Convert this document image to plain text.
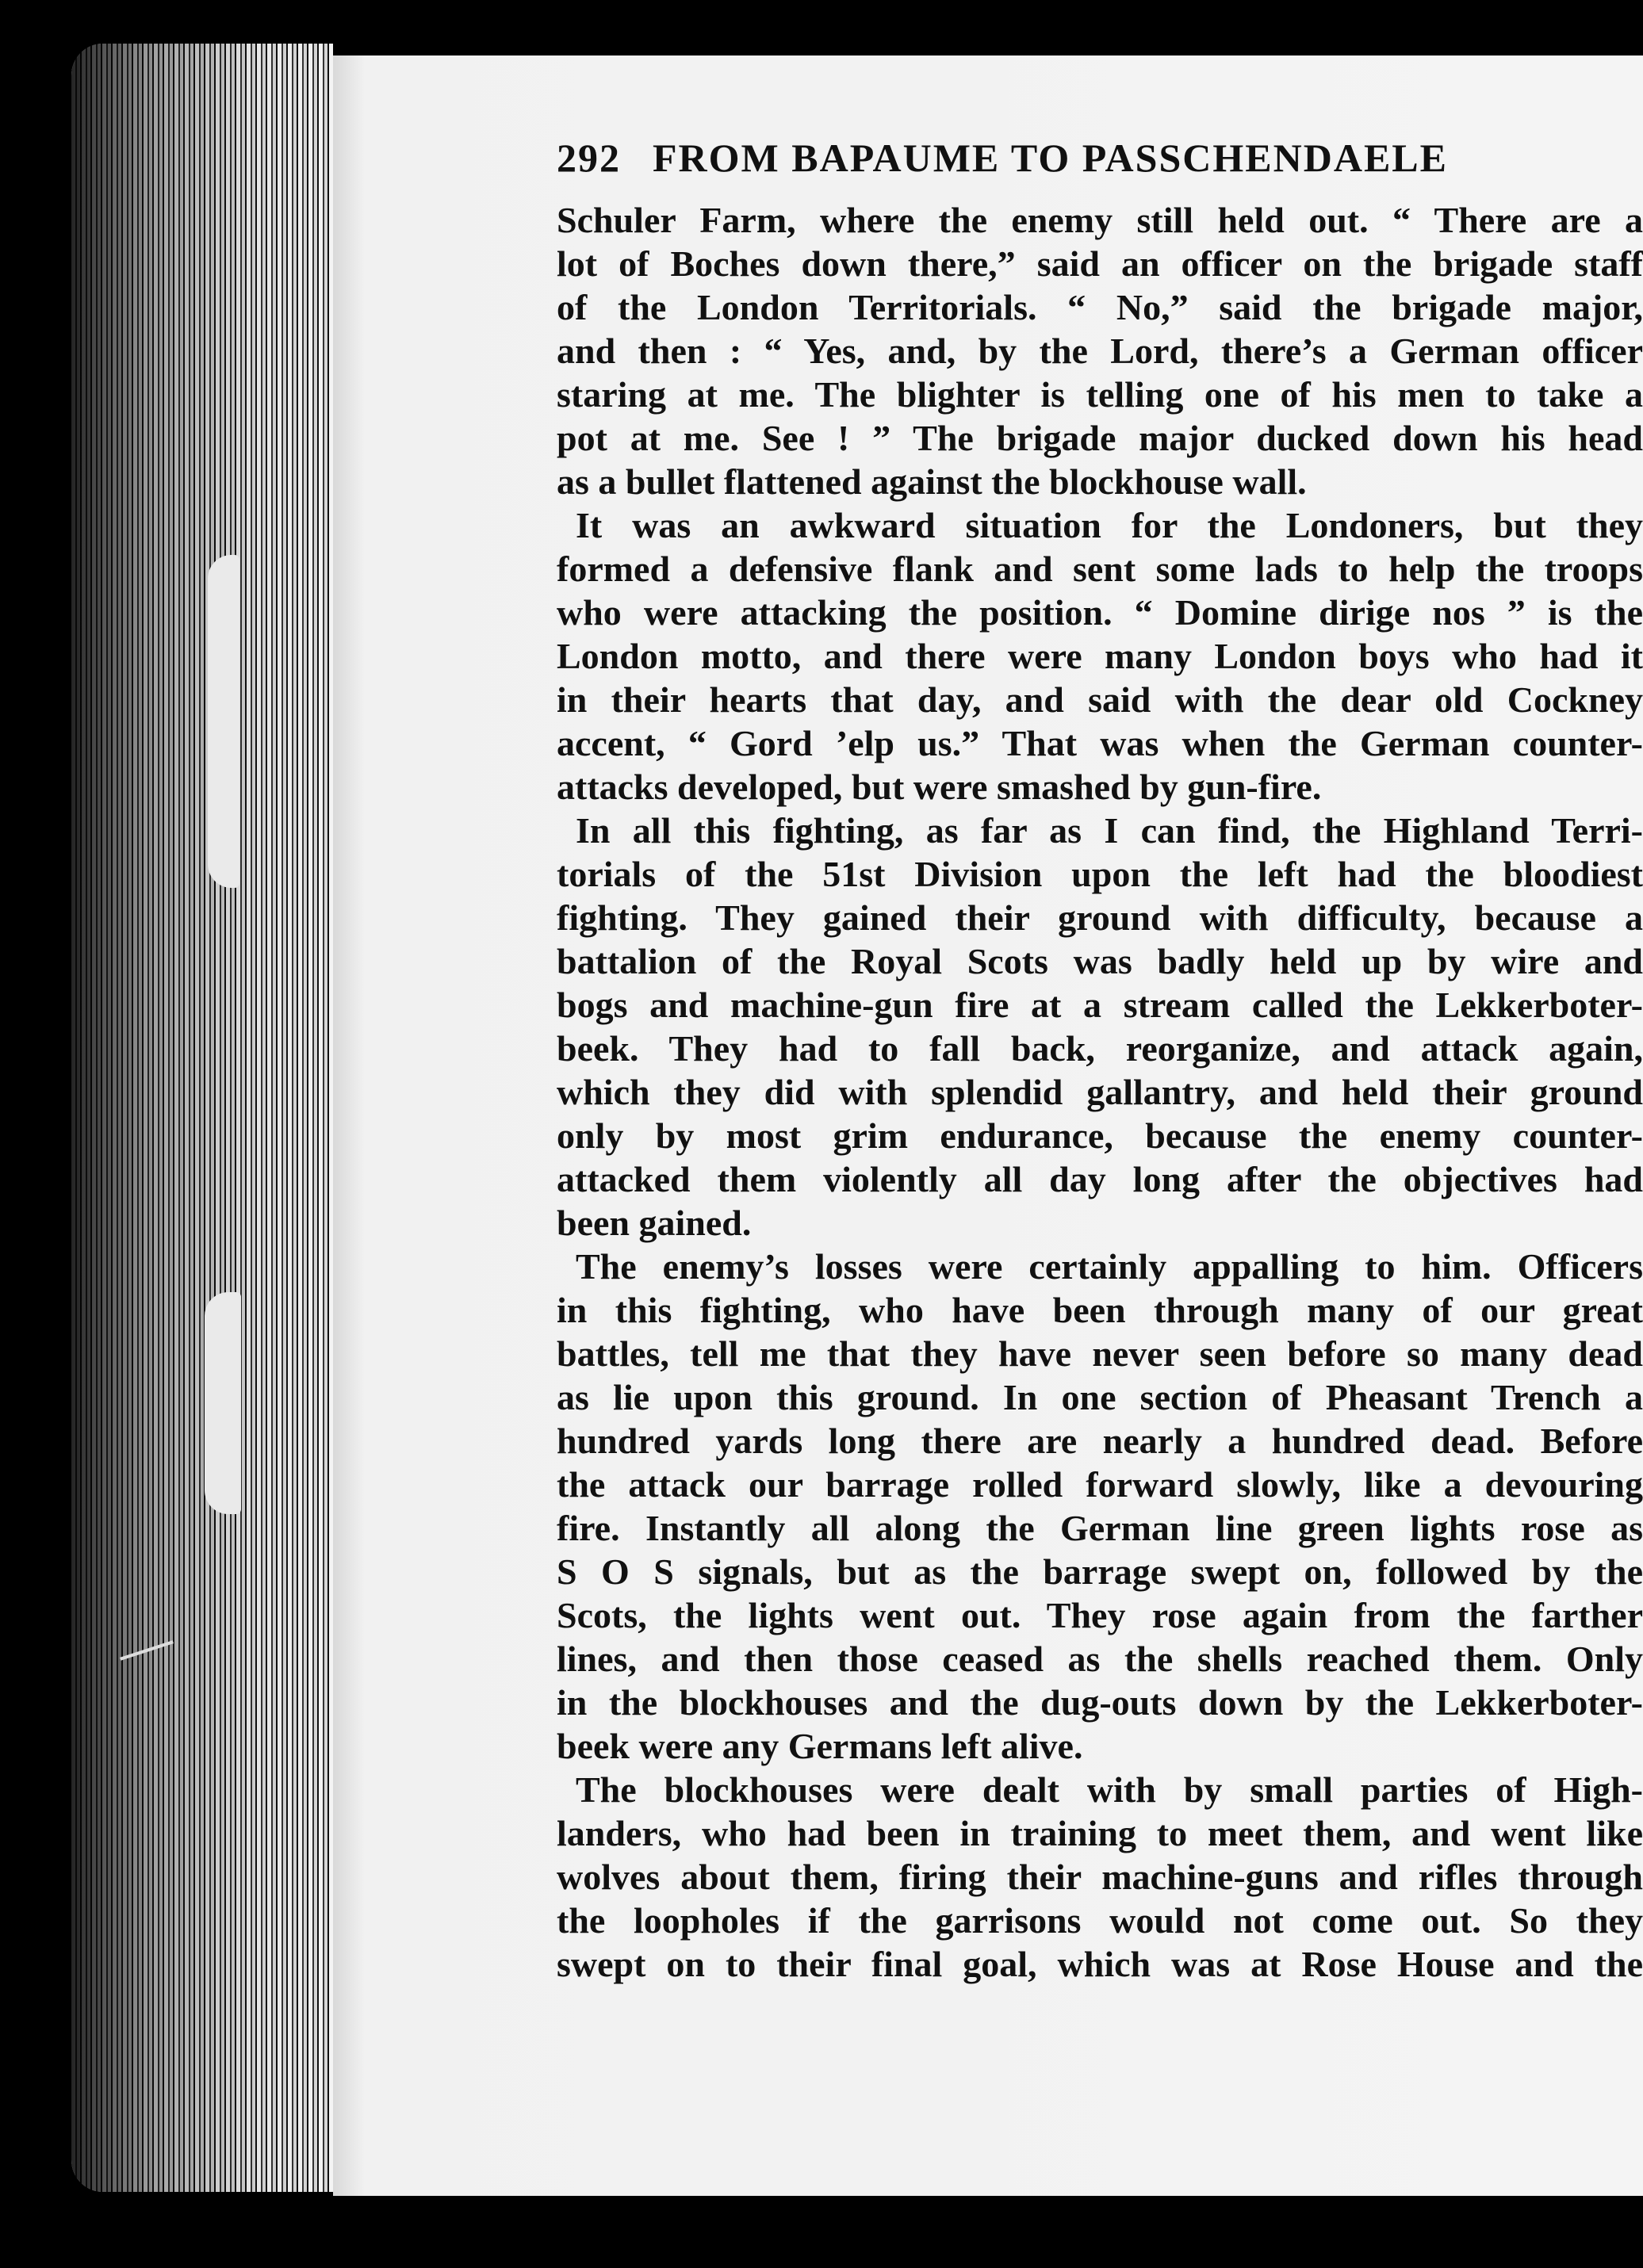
292 FROM BAPAUME TO PASSCHENDAELE
Schuler Farm, where the enemy still held out. “ There are a
lot of Boches down there,” said an officer on the brigade staff
of the London Territorials. “ No,” said the brigade major,
and then : “ Yes, and, by the Lord, there’s a German officer
staring at me. The blighter is telling one of his men to take a
pot at me. See ! ” The brigade major ducked down his head
as a bullet flattened against the blockhouse wall.
It was an awkward situation for the Londoners, but they
formed a defensive flank and sent some lads to help the troops
who were attacking the position. “ Domine dirige nos ” is the
London motto, and there were many London boys who had it
in their hearts that day, and said with the dear old Cockney
accent, “ Gord ’elp us.” That was when the German counter-
attacks developed, but were smashed by gun-fire.
In all this fighting, as far as I can find, the Highland Terri-
torials of the 51st Division upon the left had the bloodiest
fighting. They gained their ground with difficulty, because a
battalion of the Royal Scots was badly held up by wire and
bogs and machine-gun fire at a stream called the Lekkerboter-
beek. They had to fall back, reorganize, and attack again,
which they did with splendid gallantry, and held their ground
only by most grim endurance, because the enemy counter-
attacked them violently all day long after the objectives had
been gained.
The enemy’s losses were certainly appalling to him. Officers
in this fighting, who have been through many of our great
battles, tell me that they have never seen before so many dead
as lie upon this ground. In one section of Pheasant Trench a
hundred yards long there are nearly a hundred dead. Before
the attack our barrage rolled forward slowly, like a devouring
fire. Instantly all along the German line green lights rose as
S O S signals, but as the barrage swept on, followed by the
Scots, the lights went out. They rose again from the farther
lines, and then those ceased as the shells reached them. Only
in the blockhouses and the dug-outs down by the Lekkerboter-
beek were any Germans left alive.
The blockhouses were dealt with by small parties of High-
landers, who had been in training to meet them, and went like
wolves about them, firing their machine-guns and rifles through
the loopholes if the garrisons would not come out. So they
swept on to their final goal, which was at Rose House and the
